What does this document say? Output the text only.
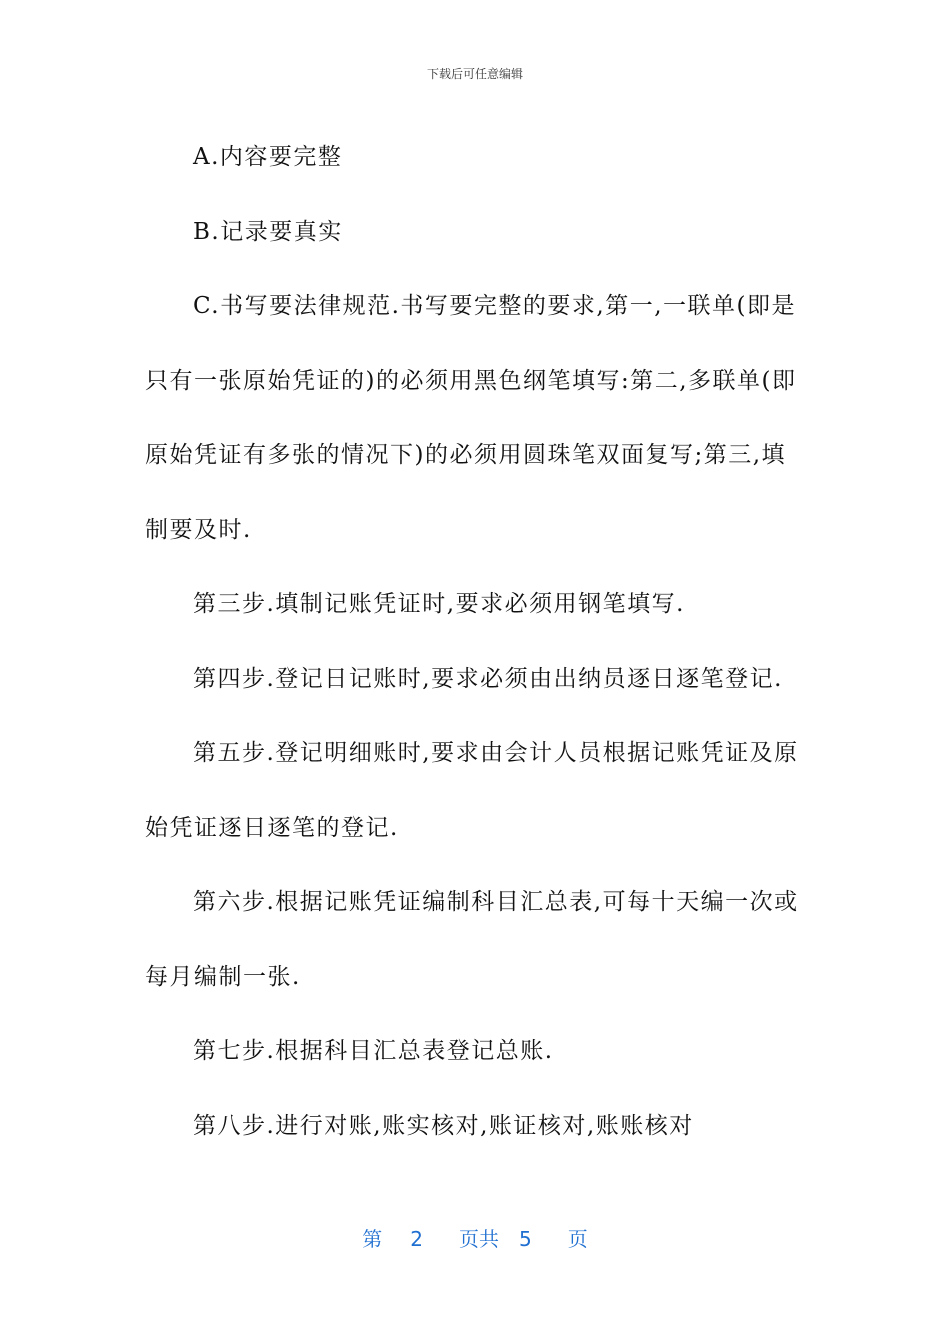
下载后可任意编辑

A.内容要完整

B.记录要真实

C.书写要法律规范.书写要完整的要求,第一,一联单(即是只有一张原始凭证的)的必须用黑色纲笔填写:第二,多联单(即原始凭证有多张的情况下)的必须用圆珠笔双面复写;第三,填制要及时.

第三步.填制记账凭证时,要求必须用钢笔填写.

第四步.登记日记账时,要求必须由出纳员逐日逐笔登记.

第五步.登记明细账时,要求由会计人员根据记账凭证及原始凭证逐日逐笔的登记.

第六步.根据记账凭证编制科目汇总表,可每十天编一次或每月编制一张.

第七步.根据科目汇总表登记总账.

第八步.进行对账,账实核对,账证核对,账账核对

第 2 页共 5 页
